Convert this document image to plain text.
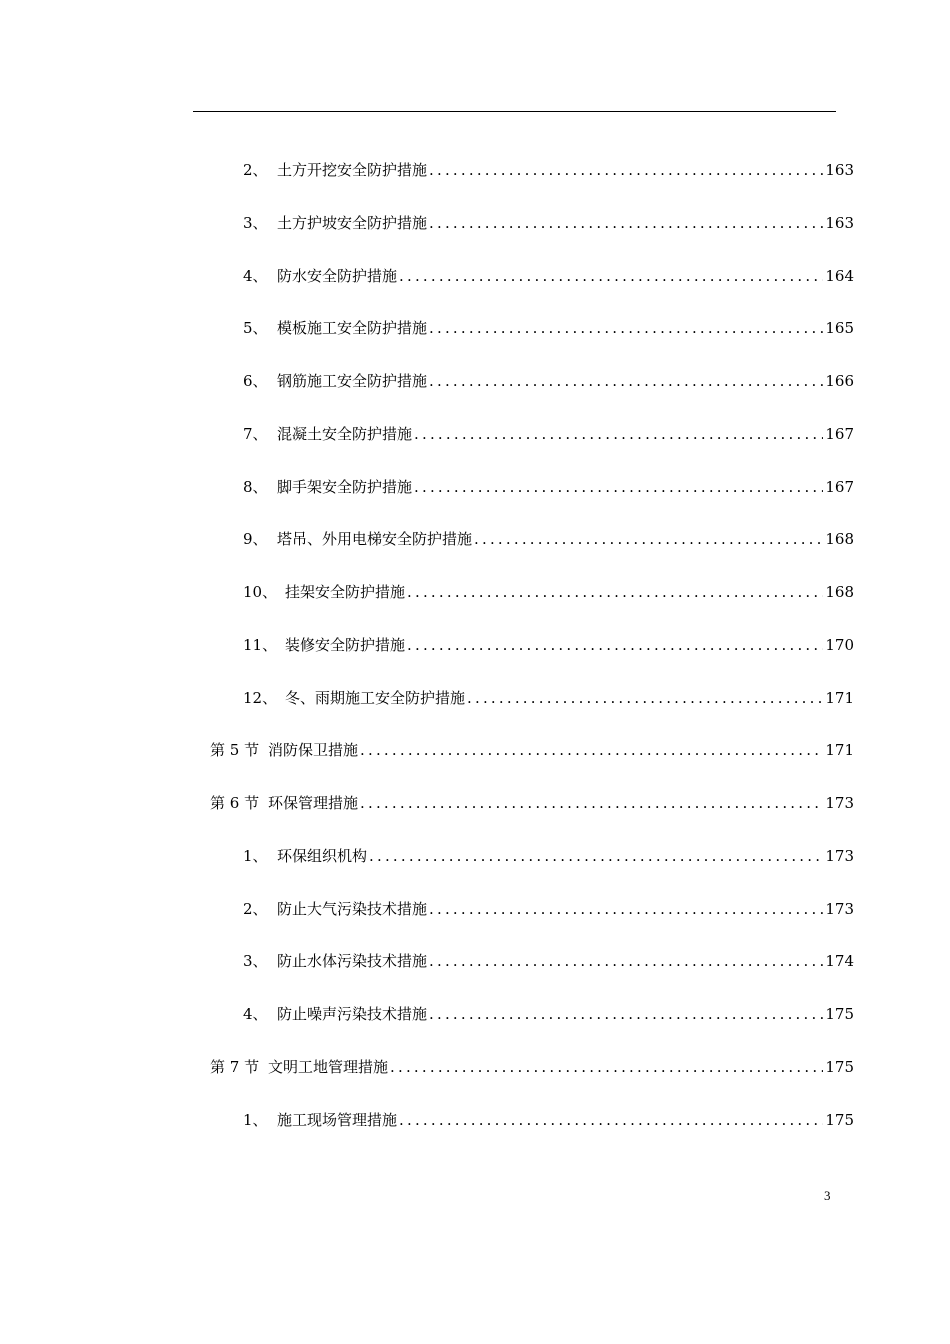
2、 土方开挖安全防护措施 .....	163
3、 土方护坡安全防护措施 .....	163
4、 防水安全防护措施 .....	164
5、 模板施工安全防护措施 .....	165
6、 钢筋施工安全防护措施 .....	166
7、 混凝土安全防护措施 .....	167
8、 脚手架安全防护措施 .....	167
9、 塔吊、外用电梯安全防护措施 .....	168
10、 挂架安全防护措施 .....	168
11、 装修安全防护措施 .....	170
12、 冬、雨期施工安全防护措施 .....	171
第 5 节 消防保卫措施 .....	171
第 6 节 环保管理措施 .....	173
1、 环保组织机构 .....	173
2、 防止大气污染技术措施 .....	173
3、 防止水体污染技术措施 .....	174
4、 防止噪声污染技术措施 .....	175
第 7 节 文明工地管理措施 .....	175
1、 施工现场管理措施 .....	175
3
